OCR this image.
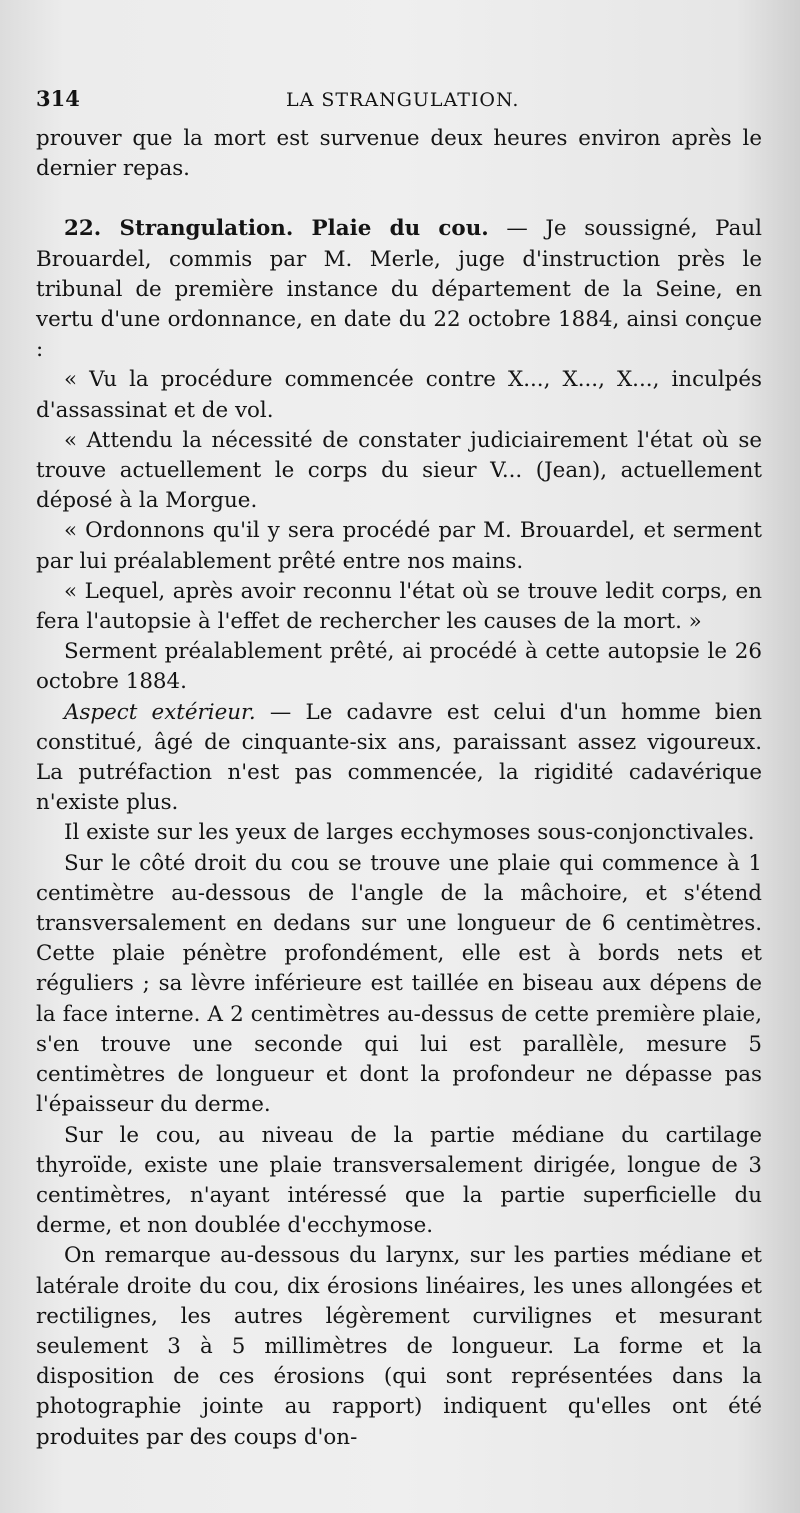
314	LA STRANGULATION.

prouver que la mort est survenue deux heures environ après le dernier repas.

22. Strangulation. Plaie du cou. — Je soussigné, Paul Brouardel, commis par M. Merle, juge d'instruction près le tribunal de première instance du département de la Seine, en vertu d'une ordonnance, en date du 22 octobre 1884, ainsi conçue :

« Vu la procédure commencée contre X..., X..., X..., inculpés d'assassinat et de vol.

« Attendu la nécessité de constater judiciairement l'état où se trouve actuellement le corps du sieur V... (Jean), actuellement déposé à la Morgue.

« Ordonnons qu'il y sera procédé par M. Brouardel, et serment par lui préalablement prêté entre nos mains.

« Lequel, après avoir reconnu l'état où se trouve ledit corps, en fera l'autopsie à l'effet de rechercher les causes de la mort. »

Serment préalablement prêté, ai procédé à cette autopsie le 26 octobre 1884.

Aspect extérieur. — Le cadavre est celui d'un homme bien constitué, âgé de cinquante-six ans, paraissant assez vigoureux. La putréfaction n'est pas commencée, la rigidité cadavérique n'existe plus.

Il existe sur les yeux de larges ecchymoses sous-conjonctivales.

Sur le côté droit du cou se trouve une plaie qui commence à 1 centimètre au-dessous de l'angle de la mâchoire, et s'étend transversalement en dedans sur une longueur de 6 centimètres. Cette plaie pénètre profondément, elle est à bords nets et réguliers ; sa lèvre inférieure est taillée en biseau aux dépens de la face interne. A 2 centimètres au-dessus de cette première plaie, s'en trouve une seconde qui lui est parallèle, mesure 5 centimètres de longueur et dont la profondeur ne dépasse pas l'épaisseur du derme.

Sur le cou, au niveau de la partie médiane du cartilage thyroïde, existe une plaie transversalement dirigée, longue de 3 centimètres, n'ayant intéressé que la partie superficielle du derme, et non doublée d'ecchymose.

On remarque au-dessous du larynx, sur les parties médiane et latérale droite du cou, dix érosions linéaires, les unes allongées et rectilignes, les autres légèrement curvilignes et mesurant seulement 3 à 5 millimètres de longueur. La forme et la disposition de ces érosions (qui sont représentées dans la photographie jointe au rapport) indiquent qu'elles ont été produites par des coups d'on-
